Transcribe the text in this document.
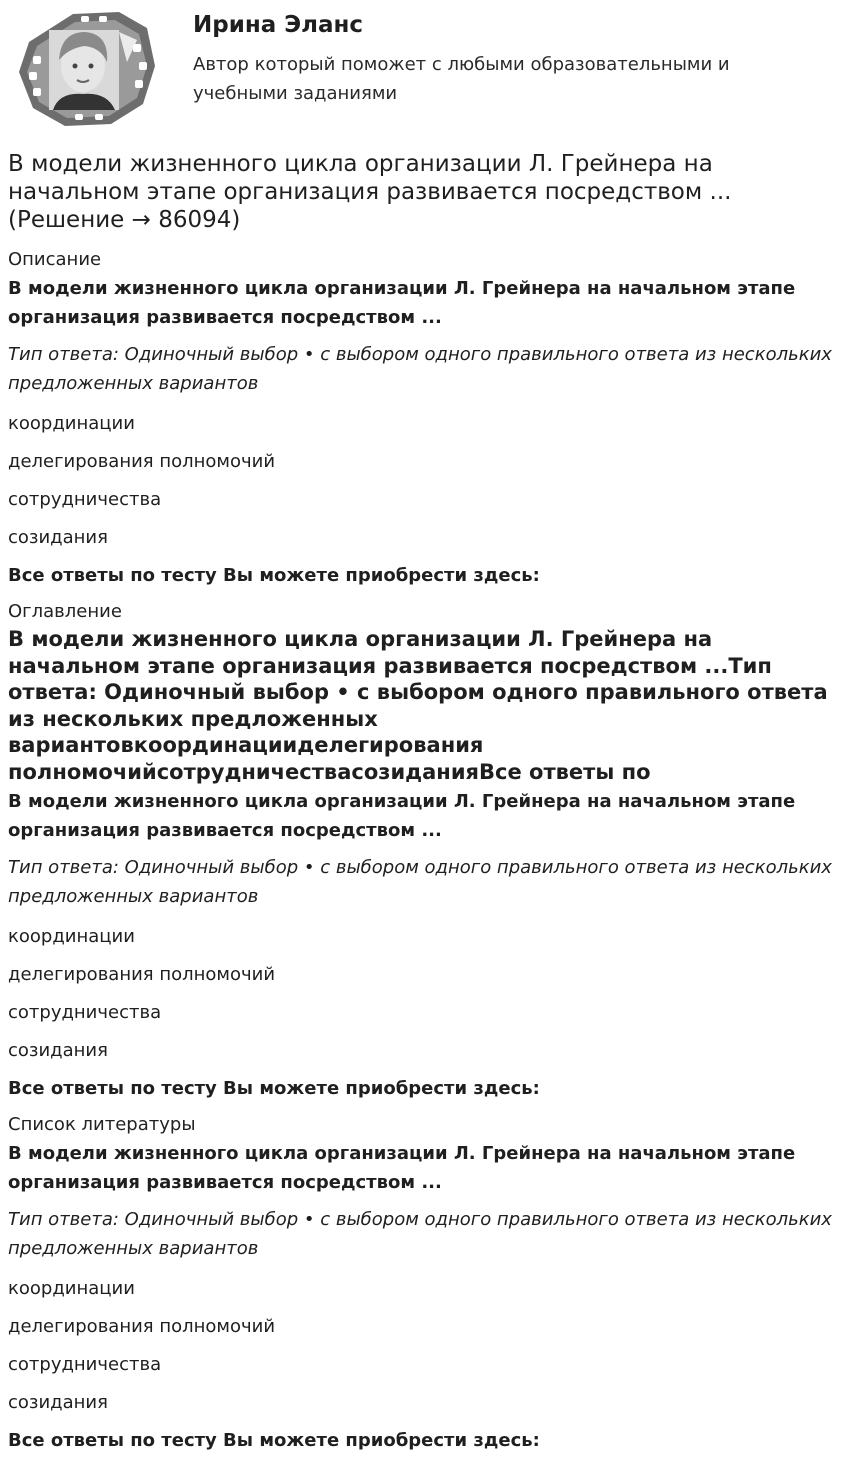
Ирина Эланс
Автор который поможет с любыми образовательными и учебными заданиями
В модели жизненного цикла организации Л. Грейнера на начальном этапе организация развивается посредством ... (Решение → 86094)
Описание
В модели жизненного цикла организации Л. Грейнера на начальном этапе организация развивается посредством ...
Тип ответа: Одиночный выбор • с выбором одного правильного ответа из нескольких предложенных вариантов
координации
делегирования полномочий
сотрудничества
созидания
Все ответы по тесту Вы можете приобрести здесь:
Оглавление
В модели жизненного цикла организации Л. Грейнера на начальном этапе организация развивается посредством ...Тип ответа: Одиночный выбор • с выбором одного правильного ответа из нескольких предложенных вариантовкоординацииделегирования полномочийсотрудничествасозиданияВсе ответы по
В модели жизненного цикла организации Л. Грейнера на начальном этапе организация развивается посредством ...
Тип ответа: Одиночный выбор • с выбором одного правильного ответа из нескольких предложенных вариантов
координации
делегирования полномочий
сотрудничества
созидания
Все ответы по тесту Вы можете приобрести здесь:
Список литературы
В модели жизненного цикла организации Л. Грейнера на начальном этапе организация развивается посредством ...
Тип ответа: Одиночный выбор • с выбором одного правильного ответа из нескольких предложенных вариантов
координации
делегирования полномочий
сотрудничества
созидания
Все ответы по тесту Вы можете приобрести здесь:
